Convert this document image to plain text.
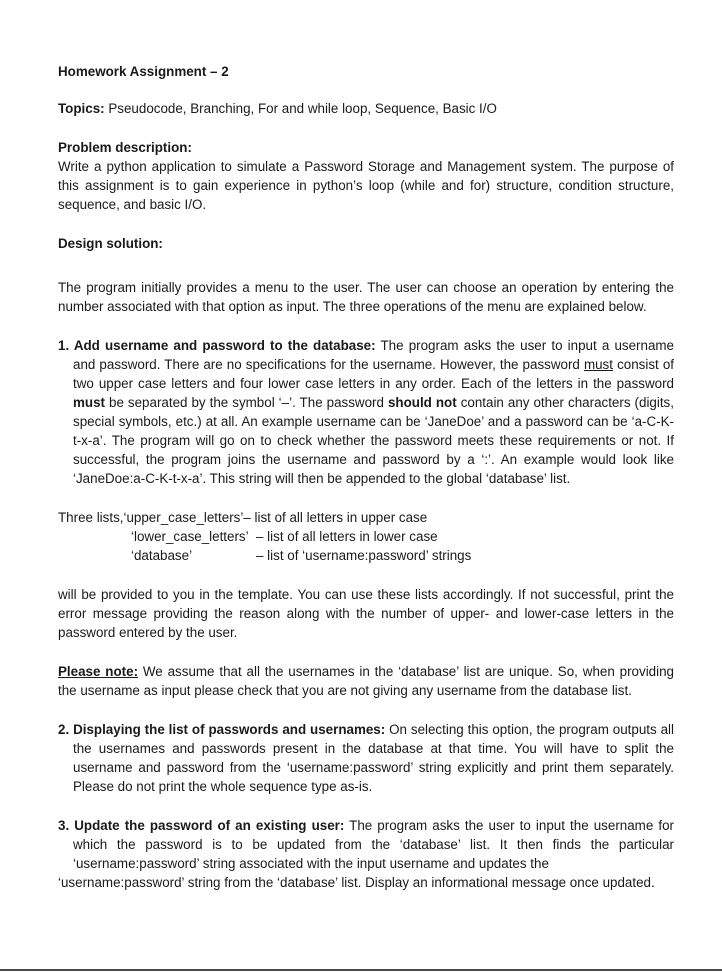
Homework Assignment – 2
Topics: Pseudocode, Branching, For and while loop, Sequence, Basic I/O
Problem description:

Write a python application to simulate a Password Storage and Management system. The purpose of this assignment is to gain experience in python’s loop (while and for) structure, condition structure, sequence, and basic I/O.

Design solution:

The program initially provides a menu to the user. The user can choose an operation by entering the number associated with that option as input. The three operations of the menu are explained below.

1. Add username and password to the database: The program asks the user to input a username and password. There are no specifications for the username. However, the password must consist of two upper case letters and four lower case letters in any order. Each of the letters in the password must be separated by the symbol ‘–’. The password should not contain any other characters (digits, special symbols, etc.) at all. An example username can be ‘JaneDoe’ and a password can be ‘a-C-K-t-x-a’. The program will go on to check whether the password meets these requirements or not. If successful, the program joins the username and password by a ‘:’. An example would look like ‘JaneDoe:a-C-K-t-x-a’. This string will then be appended to the global ‘database’ list.

Three lists, ‘upper_case_letters’ – list of all letters in upper case
‘lower_case_letters’ – list of all letters in lower case
‘database’	– list of ‘username:password’ strings

will be provided to you in the template. You can use these lists accordingly. If not successful, print the error message providing the reason along with the number of upper- and lower-case letters in the password entered by the user.

Please note: We assume that all the usernames in the ‘database’ list are unique. So, when providing the username as input please check that you are not giving any username from the database list.

2. Displaying the list of passwords and usernames: On selecting this option, the program outputs all the usernames and passwords present in the database at that time. You will have to split the username and password from the ‘username:password’ string explicitly and print them separately. Please do not print the whole sequence type as-is.

3. Update the password of an existing user: The program asks the user to input the username for which the password is to be updated from the ‘database’ list. It then finds the particular ‘username:password’ string associated with the input username and updates the

‘username:password’ string from the ‘database’ list. Display an informational message once updated.
